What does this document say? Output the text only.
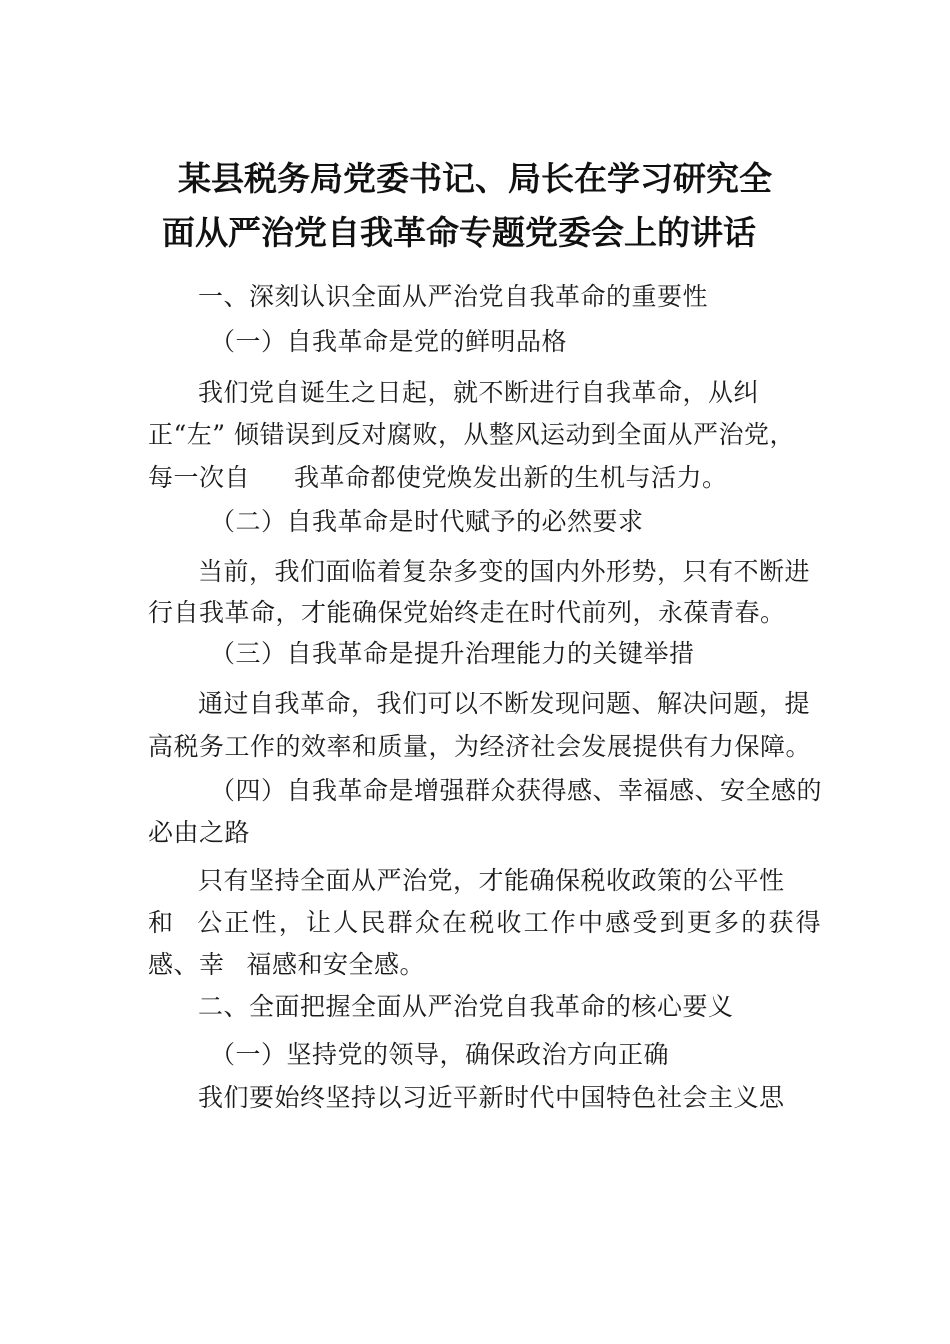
某县税务局党委书记、局长在学习研究全
面从严治党自我革命专题党委会上的讲话
一、深刻认识全面从严治党自我革命的重要性
（一）自我革命是党的鲜明品格
我们党自诞生之日起，就不断进行自我革命，从纠
正“左” 倾错误到反对腐败，从整风运动到全面从严治党，
每一次自 我革命都使党焕发出新的生机与活力。
（二）自我革命是时代赋予的必然要求
当前，我们面临着复杂多变的国内外形势，只有不断进
行自我革命，才能确保党始终走在时代前列，永葆青春。
（三）自我革命是提升治理能力的关键举措
通过自我革命，我们可以不断发现问题、解决问题，提
高税务工作的效率和质量，为经济社会发展提供有力保障。
（四）自我革命是增强群众获得感、幸福感、安全感的
必由之路
只有坚持全面从严治党，才能确保税收政策的公平性
和 公正性，让人民群众在税收工作中感受到更多的获得
感、幸 福感和安全感。
二、全面把握全面从严治党自我革命的核心要义
（一）坚持党的领导，确保政治方向正确
我们要始终坚持以习近平新时代中国特色社会主义思
